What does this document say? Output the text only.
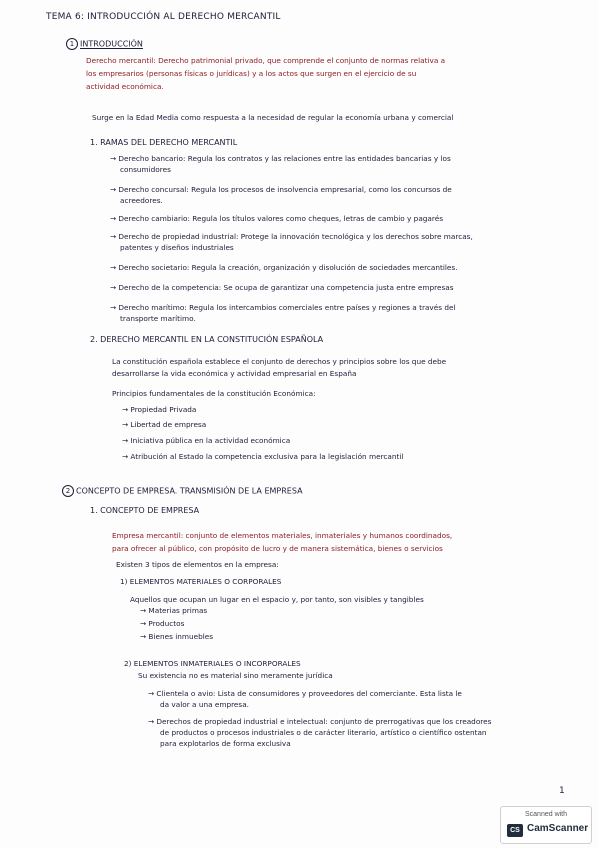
TEMA 6: INTRODUCCIÓN AL DERECHO MERCANTIL
1 INTRODUCCIÓN
Derecho mercantil: Derecho patrimonial privado, que comprende el conjunto de normas relativa a
los empresarios (personas físicas o jurídicas) y a los actos que surgen en el ejercicio de su
actividad económica.
Surge en la Edad Media como respuesta a la necesidad de regular la economía urbana y comercial
1. RAMAS DEL DERECHO MERCANTIL
→ Derecho bancario: Regula los contratos y las relaciones entre las entidades bancarias y los
consumidores
→ Derecho concursal: Regula los procesos de insolvencia empresarial, como los concursos de
acreedores.
→ Derecho cambiario: Regula los títulos valores como cheques, letras de cambio y pagarés
→ Derecho de propiedad industrial: Protege la innovación tecnológica y los derechos sobre marcas,
patentes y diseños industriales
→ Derecho societario: Regula la creación, organización y disolución de sociedades mercantiles.
→ Derecho de la competencia: Se ocupa de garantizar una competencia justa entre empresas
→ Derecho marítimo: Regula los intercambios comerciales entre países y regiones a través del
transporte marítimo.
2. DERECHO MERCANTIL EN LA CONSTITUCIÓN ESPAÑOLA
La constitución española establece el conjunto de derechos y principios sobre los que debe
desarrollarse la vida económica y actividad empresarial en España
Principios fundamentales de la constitución Económica:
→ Propiedad Privada
→ Libertad de empresa
→ Iniciativa pública en la actividad económica
→ Atribución al Estado la competencia exclusiva para la legislación mercantil
2 CONCEPTO DE EMPRESA. TRANSMISIÓN DE LA EMPRESA
1. CONCEPTO DE EMPRESA
Empresa mercantil: conjunto de elementos materiales, inmateriales y humanos coordinados,
para ofrecer al público, con propósito de lucro y de manera sistemática, bienes o servicios
Existen 3 tipos de elementos en la empresa:
1) ELEMENTOS MATERIALES O CORPORALES
Aquellos que ocupan un lugar en el espacio y, por tanto, son visibles y tangibles
→ Materias primas
→ Productos
→ Bienes inmuebles
2) ELEMENTOS INMATERIALES O INCORPORALES
Su existencia no es material sino meramente jurídica
→ Clientela o avio: Lista de consumidores y proveedores del comerciante. Esta lista le
da valor a una empresa.
→ Derechos de propiedad industrial e intelectual: conjunto de prerrogativas que los creadores
de productos o procesos industriales o de carácter literario, artístico o científico ostentan
para explotarlos de forma exclusiva
1
Scanned with
CS CamScanner
